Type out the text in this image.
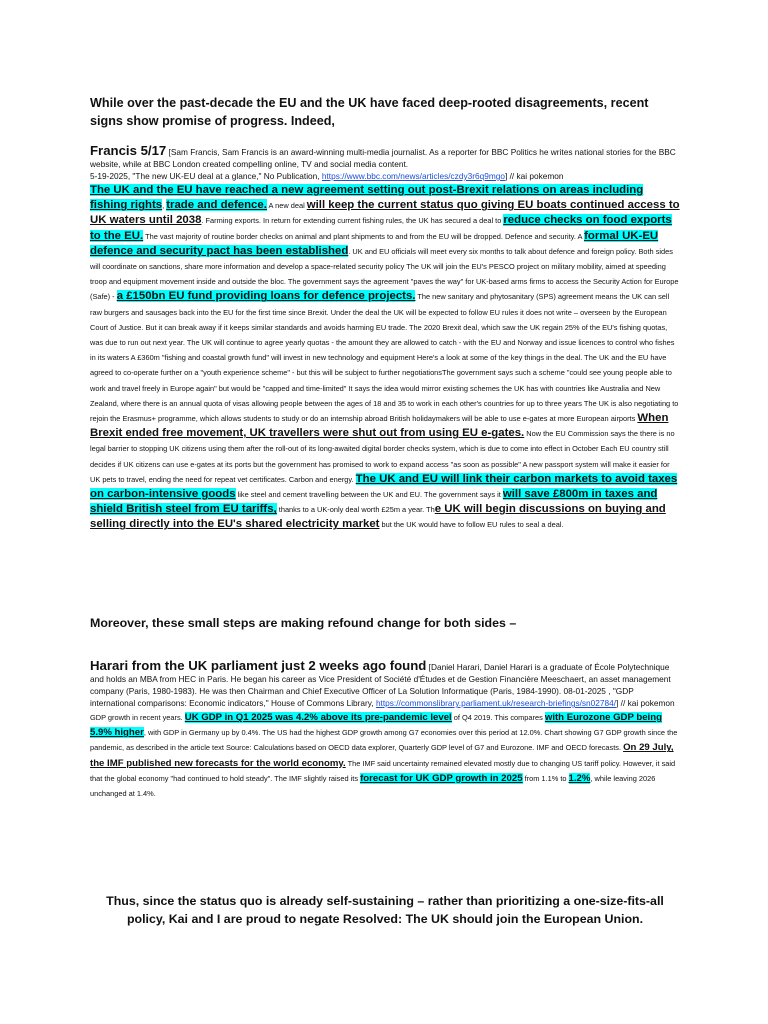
While over the past-decade the EU and the UK have faced deep-rooted disagreements, recent signs show promise of progress. Indeed,
Francis 5/17 [Sam Francis, Sam Francis is an award-winning multi-media journalist. As a reporter for BBC Politics he writes national stories for the BBC website, while at BBC London created compelling online, TV and social media content.
5-19-2025, "The new UK-EU deal at a glance," No Publication, https://www.bbc.com/news/articles/czdy3r6q9mgo] // kai pokemon
The UK and the EU have reached a new agreement setting out post-Brexit relations on areas including fishing rights, trade and defence. A new deal will keep the current status quo giving EU boats continued access to UK waters until 2038. Farming exports. In return for extending current fishing rules, the UK has secured a deal to reduce checks on food exports to the EU. The vast majority of routine border checks on animal and plant shipments to and from the EU will be dropped. Defence and security. A formal UK-EU defence and security pact has been established. UK and EU officials will meet every six months to talk about defence and foreign policy. Both sides will coordinate on sanctions, share more information and develop a space-related security policy The UK will join the EU's PESCO project on military mobility, aimed at speeding troop and equipment movement inside and outside the bloc. The government says the agreement "paves the way" for UK-based arms firms to access the Security Action for Europe (Safe) - a £150bn EU fund providing loans for defence projects. The new sanitary and phytosanitary (SPS) agreement means the UK can sell raw burgers and sausages back into the EU for the first time since Brexit. Under the deal the UK will be expected to follow EU rules it does not write – overseen by the European Court of Justice. But it can break away if it keeps similar standards and avoids harming EU trade. The 2020 Brexit deal, which saw the UK regain 25% of the EU's fishing quotas, was due to run out next year. The UK will continue to agree yearly quotas - the amount they are allowed to catch - with the EU and Norway and issue licences to control who fishes in its waters A £360m "fishing and coastal growth fund" will invest in new technology and equipment Here's a look at some of the key things in the deal. The UK and the EU have agreed to co-operate further on a "youth experience scheme" - but this will be subject to further negotiationsThe government says such a scheme "could see young people able to work and travel freely in Europe again" but would be "capped and time-limited" It says the idea would mirror existing schemes the UK has with countries like Australia and New Zealand, where there is an annual quota of visas allowing people between the ages of 18 and 35 to work in each other's countries for up to three years The UK is also negotiating to rejoin the Erasmus+ programme, which allows students to study or do an internship abroad British holidaymakers will be able to use e-gates at more European airports When Brexit ended free movement, UK travellers were shut out from using EU e-gates. Now the EU Commission says the there is no legal barrier to stopping UK citizens using them after the roll-out of its long-awaited digital border checks system, which is due to come into effect in October Each EU country still decides if UK citizens can use e-gates at its ports but the government has promised to work to expand access "as soon as possible" A new passport system will make it easier for UK pets to travel, ending the need for repeat vet certificates. Carbon and energy. The UK and EU will link their carbon markets to avoid taxes on carbon-intensive goods like steel and cement travelling between the UK and EU. The government says it will save £800m in taxes and shield British steel from EU tariffs, thanks to a UK-only deal worth £25m a year. The UK will begin discussions on buying and selling directly into the EU's shared electricity market but the UK would have to follow EU rules to seal a deal.
Moreover, these small steps are making refound change for both sides –
Harari from the UK parliament just 2 weeks ago found [Daniel Harari, Daniel Harari is a graduate of École Polytechnique and holds an MBA from HEC in Paris. He began his career as Vice President of Société d'Études et de Gestion Financière Meeschaert, an asset management company (Paris, 1980-1983). He was then Chairman and Chief Executive Officer of La Solution Informatique (Paris, 1984-1990). 08-01-2025 , "GDP international comparisons: Economic indicators," House of Commons Library, https://commonslibrary.parliament.uk/research-briefings/sn02784/] // kai pokemon
GDP growth in recent years. UK GDP in Q1 2025 was 4.2% above its pre-pandemic level of Q4 2019. This compares with Eurozone GDP being 5.9% higher, with GDP in Germany up by 0.4%. The US had the highest GDP growth among G7 economies over this period at 12.0%. Chart showing G7 GDP growth since the pandemic, as described in the article text Source: Calculations based on OECD data explorer, Quarterly GDP level of G7 and Eurozone. IMF and OECD forecasts. On 29 July, the IMF published new forecasts for the world economy. The IMF said uncertainty remained elevated mostly due to changing US tariff policy. However, it said that the global economy "had continued to hold steady". The IMF slightly raised its forecast for UK GDP growth in 2025 from 1.1% to 1.2%, while leaving 2026 unchanged at 1.4%.
Thus, since the status quo is already self-sustaining – rather than prioritizing a one-size-fits-all policy, Kai and I are proud to negate Resolved: The UK should join the European Union.
